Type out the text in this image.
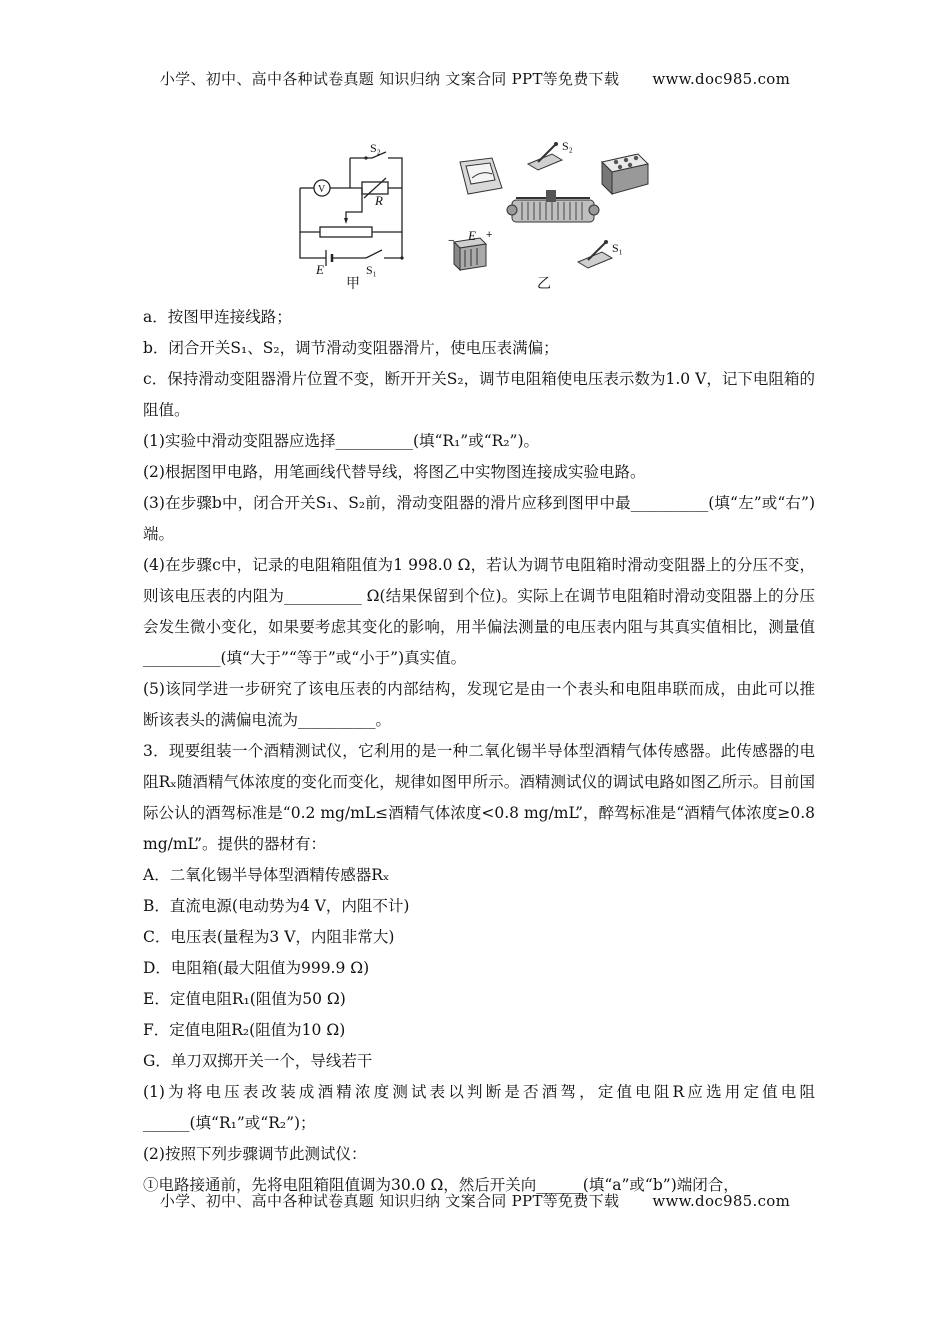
小学、初中、高中各种试卷真题 知识归纳 文案合同 PPT等免费下载 www.doc985.com
−	+
S₂
R
V
E	S₁
甲
S₂
E
S₁
乙

a．按图甲连接线路；

b．闭合开关S₁、S₂，调节滑动变阻器滑片，使电压表满偏；

c．保持滑动变阻器滑片位置不变，断开开关S₂，调节电阻箱使电压表示数为1.0 V，记下电阻箱的阻值。

(1)实验中滑动变阻器应选择__________(填“R₁”或“R₂”)。

(2)根据图甲电路，用笔画线代替导线，将图乙中实物图连接成实验电路。

(3)在步骤b中，闭合开关S₁、S₂前，滑动变阻器的滑片应移到图甲中最__________(填“左”或“右”)端。

(4)在步骤c中，记录的电阻箱阻值为1 998.0 Ω，若认为调节电阻箱时滑动变阻器上的分压不变，则该电压表的内阻为__________ Ω(结果保留到个位)。实际上在调节电阻箱时滑动变阻器上的分压会发生微小变化，如果要考虑其变化的影响，用半偏法测量的电压表内阻与其真实值相比，测量值__________(填“大于”“等于”或“小于”)真实值。

(5)该同学进一步研究了该电压表的内部结构，发现它是由一个表头和电阻串联而成，由此可以推断该表头的满偏电流为__________。

3．现要组装一个酒精测试仪，它利用的是一种二氧化锡半导体型酒精气体传感器。此传感器的电阻Rₓ随酒精气体浓度的变化而变化，规律如图甲所示。酒精测试仪的调试电路如图乙所示。目前国际公认的酒驾标准是“0.2 mg/mL≤酒精气体浓度<0.8 mg/mL”，醉驾标准是“酒精气体浓度≥0.8 mg/mL”。提供的器材有：

A．二氧化锡半导体型酒精传感器Rₓ

B．直流电源(电动势为4 V，内阻不计)

C．电压表(量程为3 V，内阻非常大)

D．电阻箱(最大阻值为999.9 Ω)

E．定值电阻R₁(阻值为50 Ω)

F．定值电阻R₂(阻值为10 Ω)

G．单刀双掷开关一个，导线若干

(1)为将电压表改装成酒精浓度测试表以判断是否酒驾，定值电阻R应选用定值电阻______(填“R₁”或“R₂”)；

(2)按照下列步骤调节此测试仪：

①电路接通前，先将电阻箱阻值调为30.0 Ω，然后开关向______(填“a”或“b”)端闭合，

小学、初中、高中各种试卷真题 知识归纳 文案合同 PPT等免费下载 www.doc985.com
